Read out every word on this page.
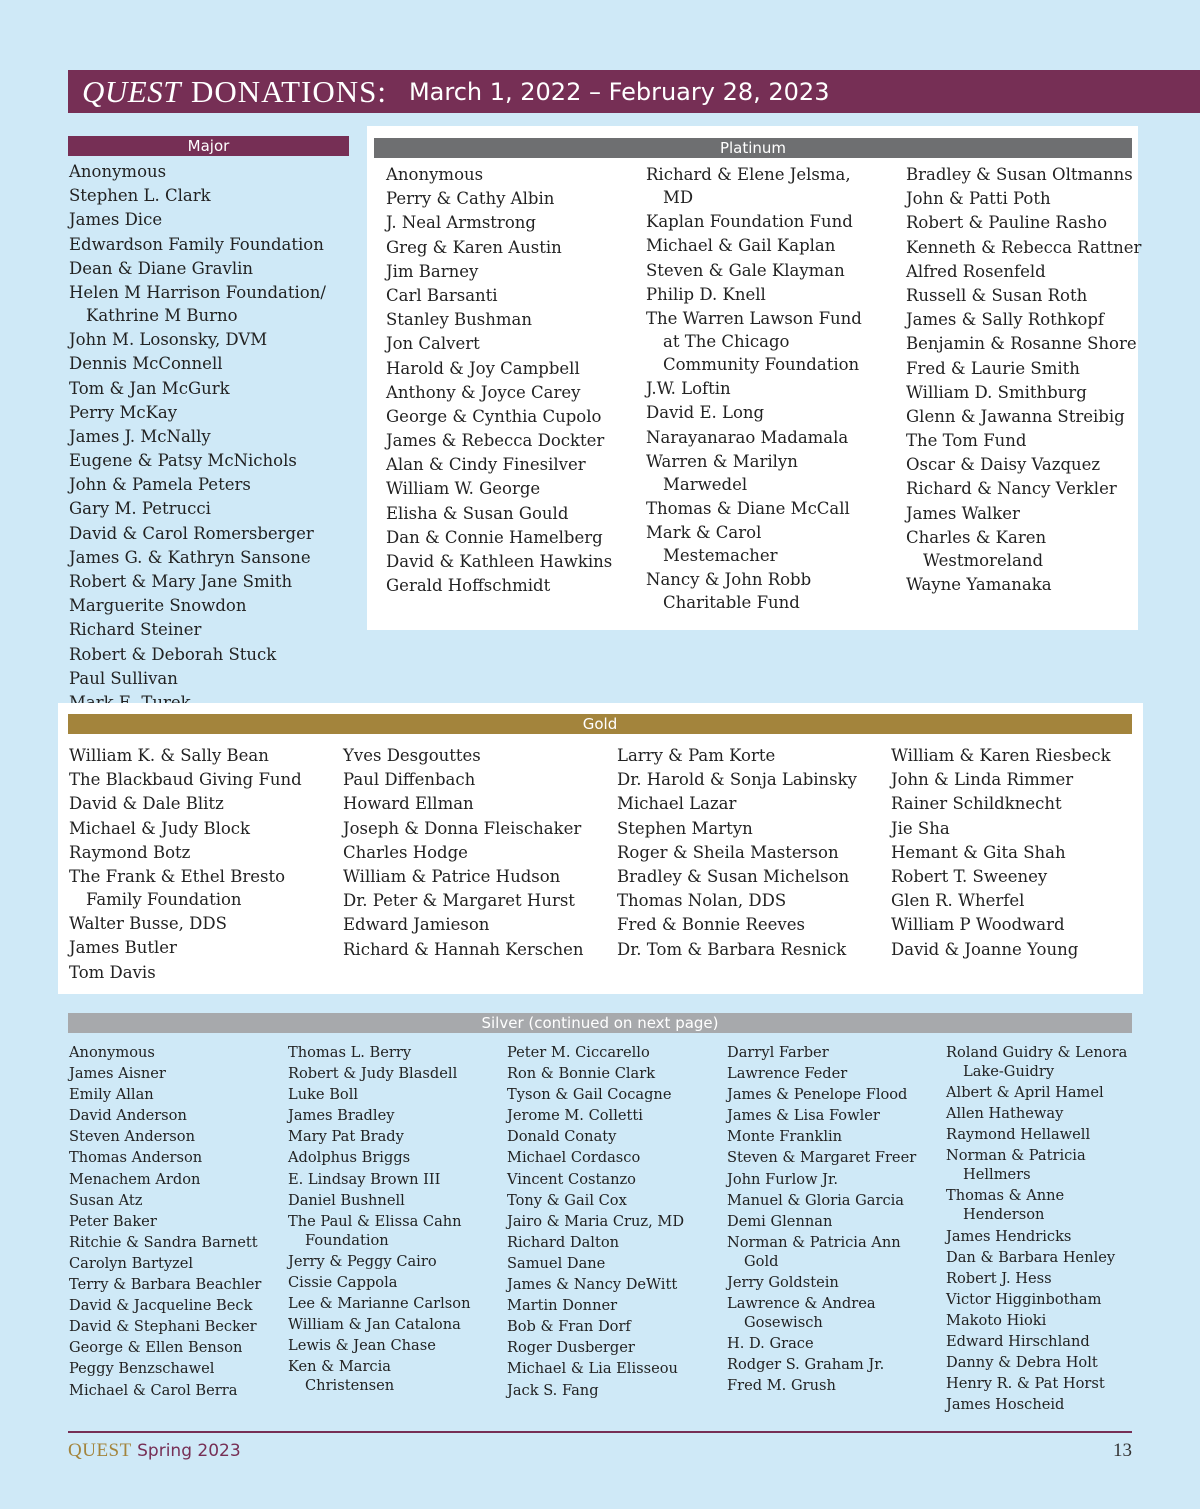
QUEST DONATIONS: March 1, 2022 – February 28, 2023
Major
Anonymous
Stephen L. Clark
James Dice
Edwardson Family Foundation
Dean & Diane Gravlin
Helen M Harrison Foundation/
Kathrine M Burno
John M. Losonsky, DVM
Dennis McConnell
Tom & Jan McGurk
Perry McKay
James J. McNally
Eugene & Patsy McNichols
John & Pamela Peters
Gary M. Petrucci
David & Carol Romersberger
James G. & Kathryn Sansone
Robert & Mary Jane Smith
Marguerite Snowdon
Richard Steiner
Robert & Deborah Stuck
Paul Sullivan
Platinum
Anonymous
Perry & Cathy Albin
J. Neal Armstrong
Greg & Karen Austin
Jim Barney
Carl Barsanti
Stanley Bushman
Jon Calvert
Harold & Joy Campbell
Anthony & Joyce Carey
George & Cynthia Cupolo
James & Rebecca Dockter
Alan & Cindy Finesilver
William W. George
Elisha & Susan Gould
Dan & Connie Hamelberg
David & Kathleen Hawkins
Gerald Hoffschmidt
Richard & Elene Jelsma,
MD
Kaplan Foundation Fund
Michael & Gail Kaplan
Steven & Gale Klayman
Philip D. Knell
The Warren Lawson Fund
at The Chicago
Community Foundation
J.W. Loftin
David E. Long
Narayanarao Madamala
Warren & Marilyn
Marwedel
Thomas & Diane McCall
Mark & Carol
Mestemacher
Nancy & John Robb
Charitable Fund
Bradley & Susan Oltmanns
John & Patti Poth
Robert & Pauline Rasho
Kenneth & Rebecca Rattner
Alfred Rosenfeld
Russell & Susan Roth
James & Sally Rothkopf
Benjamin & Rosanne Shore
Fred & Laurie Smith
William D. Smithburg
Glenn & Jawanna Streibig
The Tom Fund
Oscar & Daisy Vazquez
Richard & Nancy Verkler
James Walker
Charles & Karen
Westmoreland
Wayne Yamanaka
Gold
William K. & Sally Bean
The Blackbaud Giving Fund
David & Dale Blitz
Michael & Judy Block
Raymond Botz
The Frank & Ethel Bresto
Family Foundation
Walter Busse, DDS
James Butler
Tom Davis
Yves Desgouttes
Paul Diffenbach
Howard Ellman
Joseph & Donna Fleischaker
Charles Hodge
William & Patrice Hudson
Dr. Peter & Margaret Hurst
Edward Jamieson
Richard & Hannah Kerschen
Larry & Pam Korte
Dr. Harold & Sonja Labinsky
Michael Lazar
Stephen Martyn
Roger & Sheila Masterson
Bradley & Susan Michelson
Thomas Nolan, DDS
Fred & Bonnie Reeves
Dr. Tom & Barbara Resnick
William & Karen Riesbeck
John & Linda Rimmer
Rainer Schildknecht
Jie Sha
Hemant & Gita Shah
Robert T. Sweeney
Glen R. Wherfel
William P Woodward
David & Joanne Young
Silver (continued on next page)
Anonymous
James Aisner
Emily Allan
David Anderson
Steven Anderson
Thomas Anderson
Menachem Ardon
Susan Atz
Peter Baker
Ritchie & Sandra Barnett
Carolyn Bartyzel
Terry & Barbara Beachler
David & Jacqueline Beck
David & Stephani Becker
George & Ellen Benson
Peggy Benzschawel
Michael & Carol Berra
Thomas L. Berry
Robert & Judy Blasdell
Luke Boll
James Bradley
Mary Pat Brady
Adolphus Briggs
E. Lindsay Brown III
Daniel Bushnell
The Paul & Elissa Cahn
Foundation
Jerry & Peggy Cairo
Cissie Cappola
Lee & Marianne Carlson
William & Jan Catalona
Lewis & Jean Chase
Ken & Marcia
Christensen
Peter M. Ciccarello
Ron & Bonnie Clark
Tyson & Gail Cocagne
Jerome M. Colletti
Donald Conaty
Michael Cordasco
Vincent Costanzo
Tony & Gail Cox
Jairo & Maria Cruz, MD
Richard Dalton
Samuel Dane
James & Nancy DeWitt
Martin Donner
Bob & Fran Dorf
Roger Dusberger
Michael & Lia Elisseou
Jack S. Fang
Darryl Farber
Lawrence Feder
James & Penelope Flood
James & Lisa Fowler
Monte Franklin
Steven & Margaret Freer
John Furlow Jr.
Manuel & Gloria Garcia
Demi Glennan
Norman & Patricia Ann
Gold
Jerry Goldstein
Lawrence & Andrea
Gosewisch
H. D. Grace
Rodger S. Graham Jr.
Fred M. Grush
Roland Guidry & Lenora
Lake-Guidry
Albert & April Hamel
Allen Hatheway
Raymond Hellawell
Norman & Patricia
Hellmers
Thomas & Anne
Henderson
James Hendricks
Dan & Barbara Henley
Robert J. Hess
Victor Higginbotham
Makoto Hioki
Edward Hirschland
Danny & Debra Holt
Henry R. & Pat Horst
James Hoscheid
QUEST Spring 2023	13
